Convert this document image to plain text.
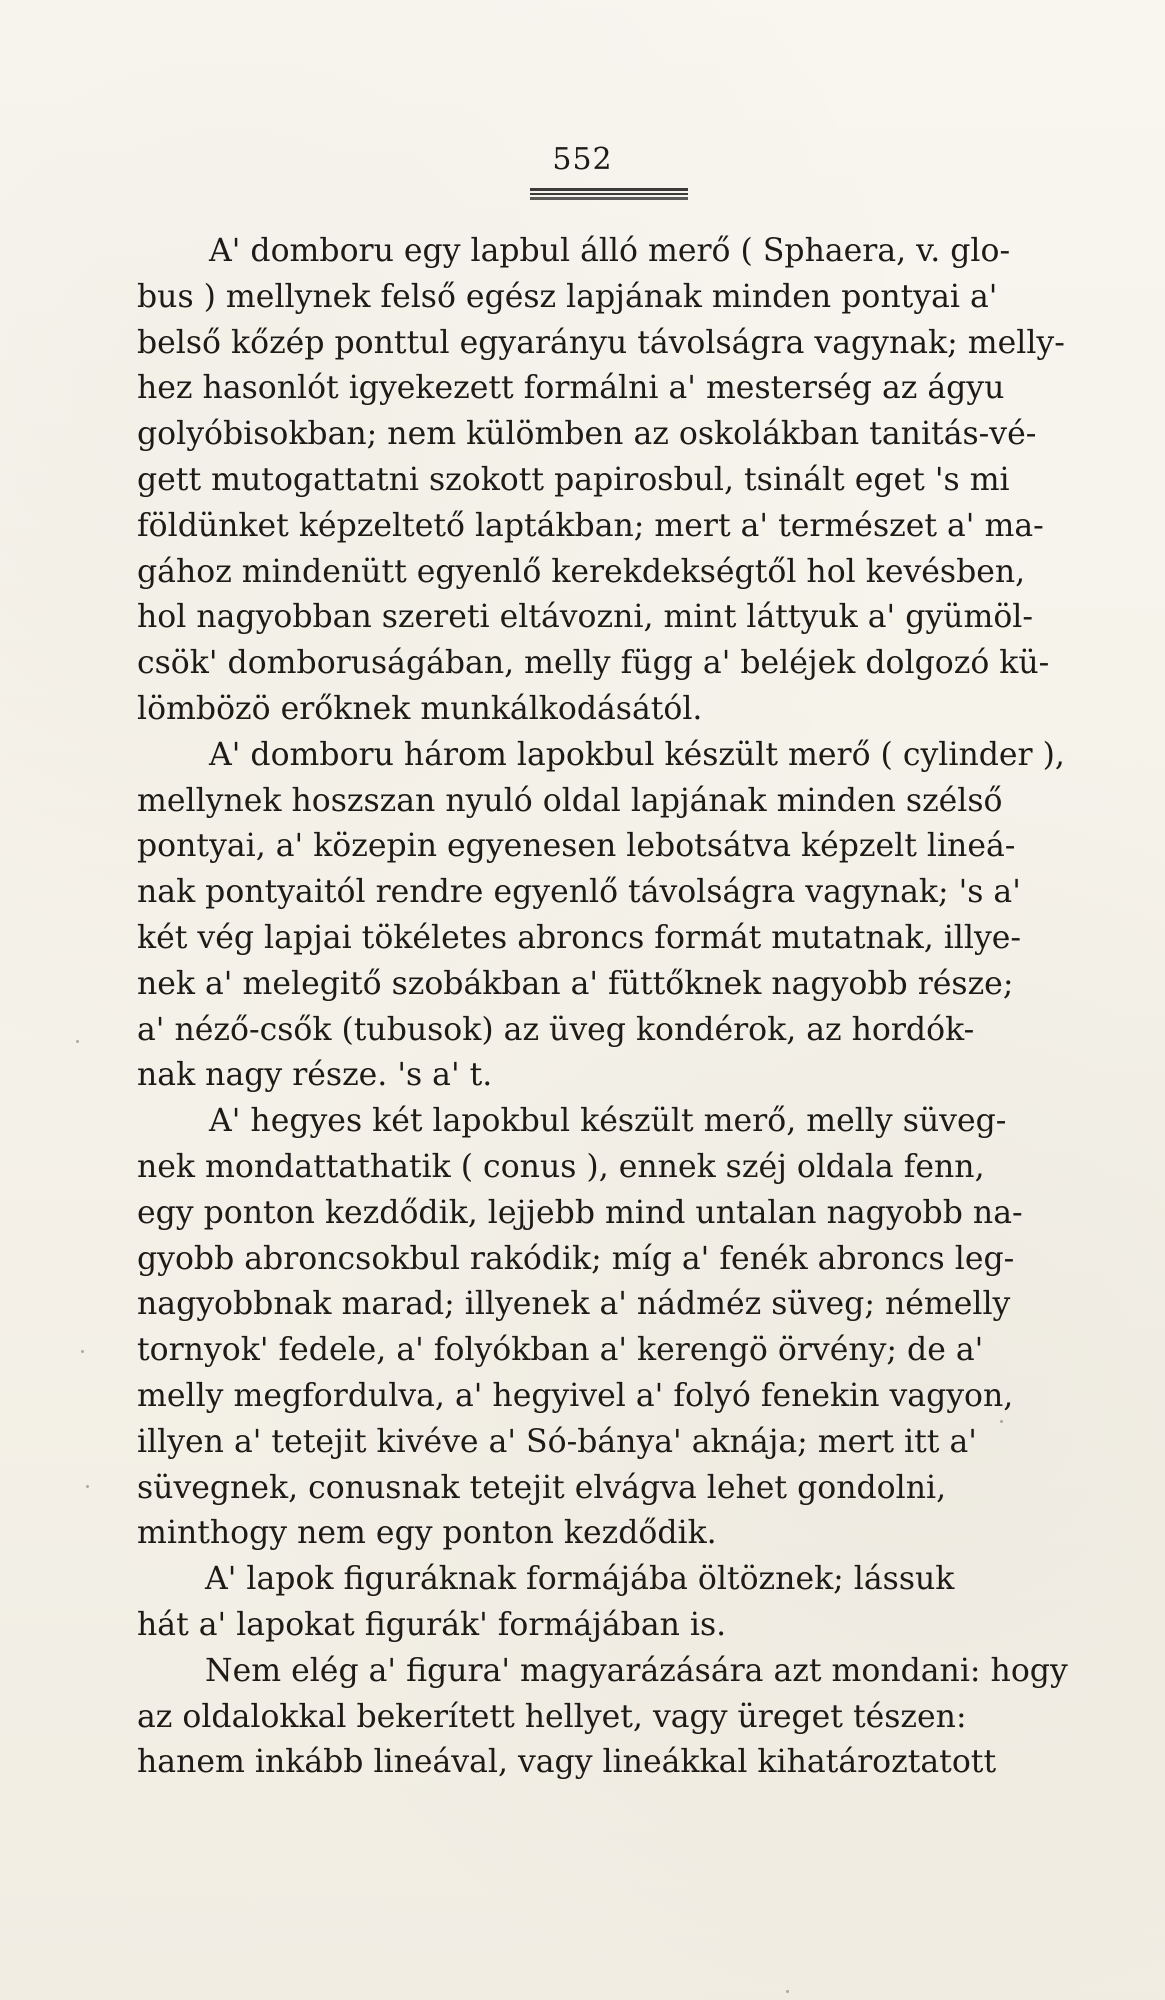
552
A' domboru egy lapbul álló merő ( Sphaera, v. glo-
bus ) mellynek felső egész lapjának minden pontyai a'
belső kőzép ponttul egyarányu távolságra vagynak; melly-
hez hasonlót igyekezett formálni a' mesterség az ágyu
golyóbisokban; nem külömben az oskolákban tanitás-vé-
gett mutogattatni szokott papirosbul, tsinált eget 's mi
földünket képzeltető laptákban; mert a' természet a' ma-
gához mindenütt egyenlő kerekdekségtől hol kevésben,
hol nagyobban szereti eltávozni, mint láttyuk a' gyümöl-
csök' domboruságában, melly függ a' beléjek dolgozó kü-
lömbözö erőknek munkálkodásától.
A' domboru három lapokbul készült merő ( cylinder ),
mellynek hoszszan nyuló oldal lapjának minden szélső
pontyai, a' közepin egyenesen lebotsátva képzelt lineá-
nak pontyaitól rendre egyenlő távolságra vagynak; 's a'
két vég lapjai tökéletes abroncs formát mutatnak, illye-
nek a' melegitő szobákban a' füttőknek nagyobb része;
a' néző-csők (tubusok) az üveg kondérok, az hordók-
nak nagy része. 's a' t.
A' hegyes két lapokbul készült merő, melly süveg-
nek mondattathatik ( conus ), ennek széj oldala fenn,
egy ponton kezdődik, lejjebb mind untalan nagyobb na-
gyobb abroncsokbul rakódik; míg a' fenék abroncs leg-
nagyobbnak marad; illyenek a' nádméz süveg; némelly
tornyok' fedele, a' folyókban a' kerengö örvény; de a'
melly megfordulva, a' hegyivel a' folyó fenekin vagyon,
illyen a' tetejit kivéve a' Só-bánya' aknája; mert itt a'
süvegnek, conusnak tetejit elvágva lehet gondolni,
minthogy nem egy ponton kezdődik.
A' lapok figuráknak formájába öltöznek; lássuk
hát a' lapokat figurák' formájában is.
Nem elég a' figura' magyarázására azt mondani: hogy
az oldalokkal bekerített hellyet, vagy üreget tészen:
hanem inkább lineával, vagy lineákkal kihatároztatott
